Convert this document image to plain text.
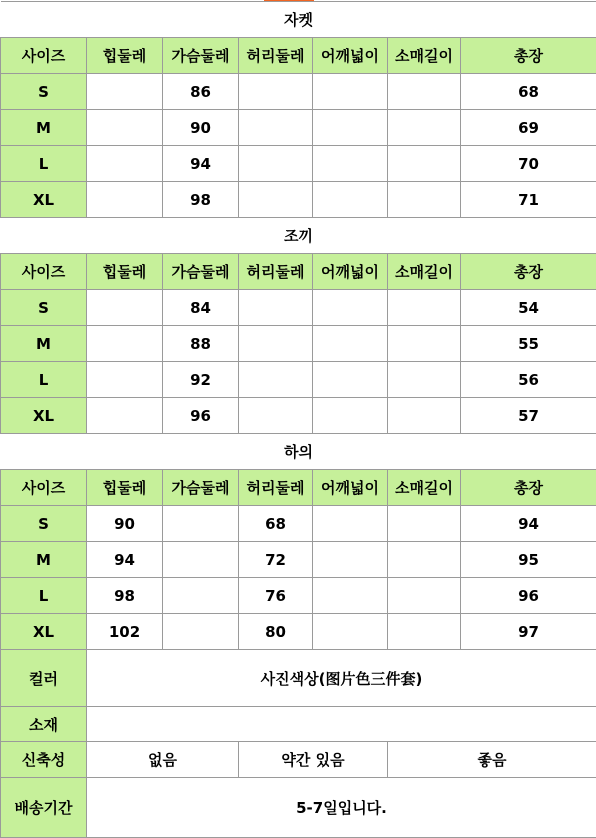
자켓						
사이즈	힙둘레	가슴둘레	허리둘레	어깨넓이	소매길이	총장
S		86				68
M		90				69
L		94				70
XL		98				71
조끼						
사이즈	힙둘레	가슴둘레	허리둘레	어깨넓이	소매길이	총장
S		84				54
M		88				55
L		92				56
XL		96				57
하의						
사이즈	힙둘레	가슴둘레	허리둘레	어깨넓이	소매길이	총장
S	90		68			94
M	94		72			95
L	98		76			96
XL	102		80			97
컬러	사진색상(图片色三件套)					
소재						
신축성	없음		약간 있음		좋음	
배송기간	5-7일입니다.					
